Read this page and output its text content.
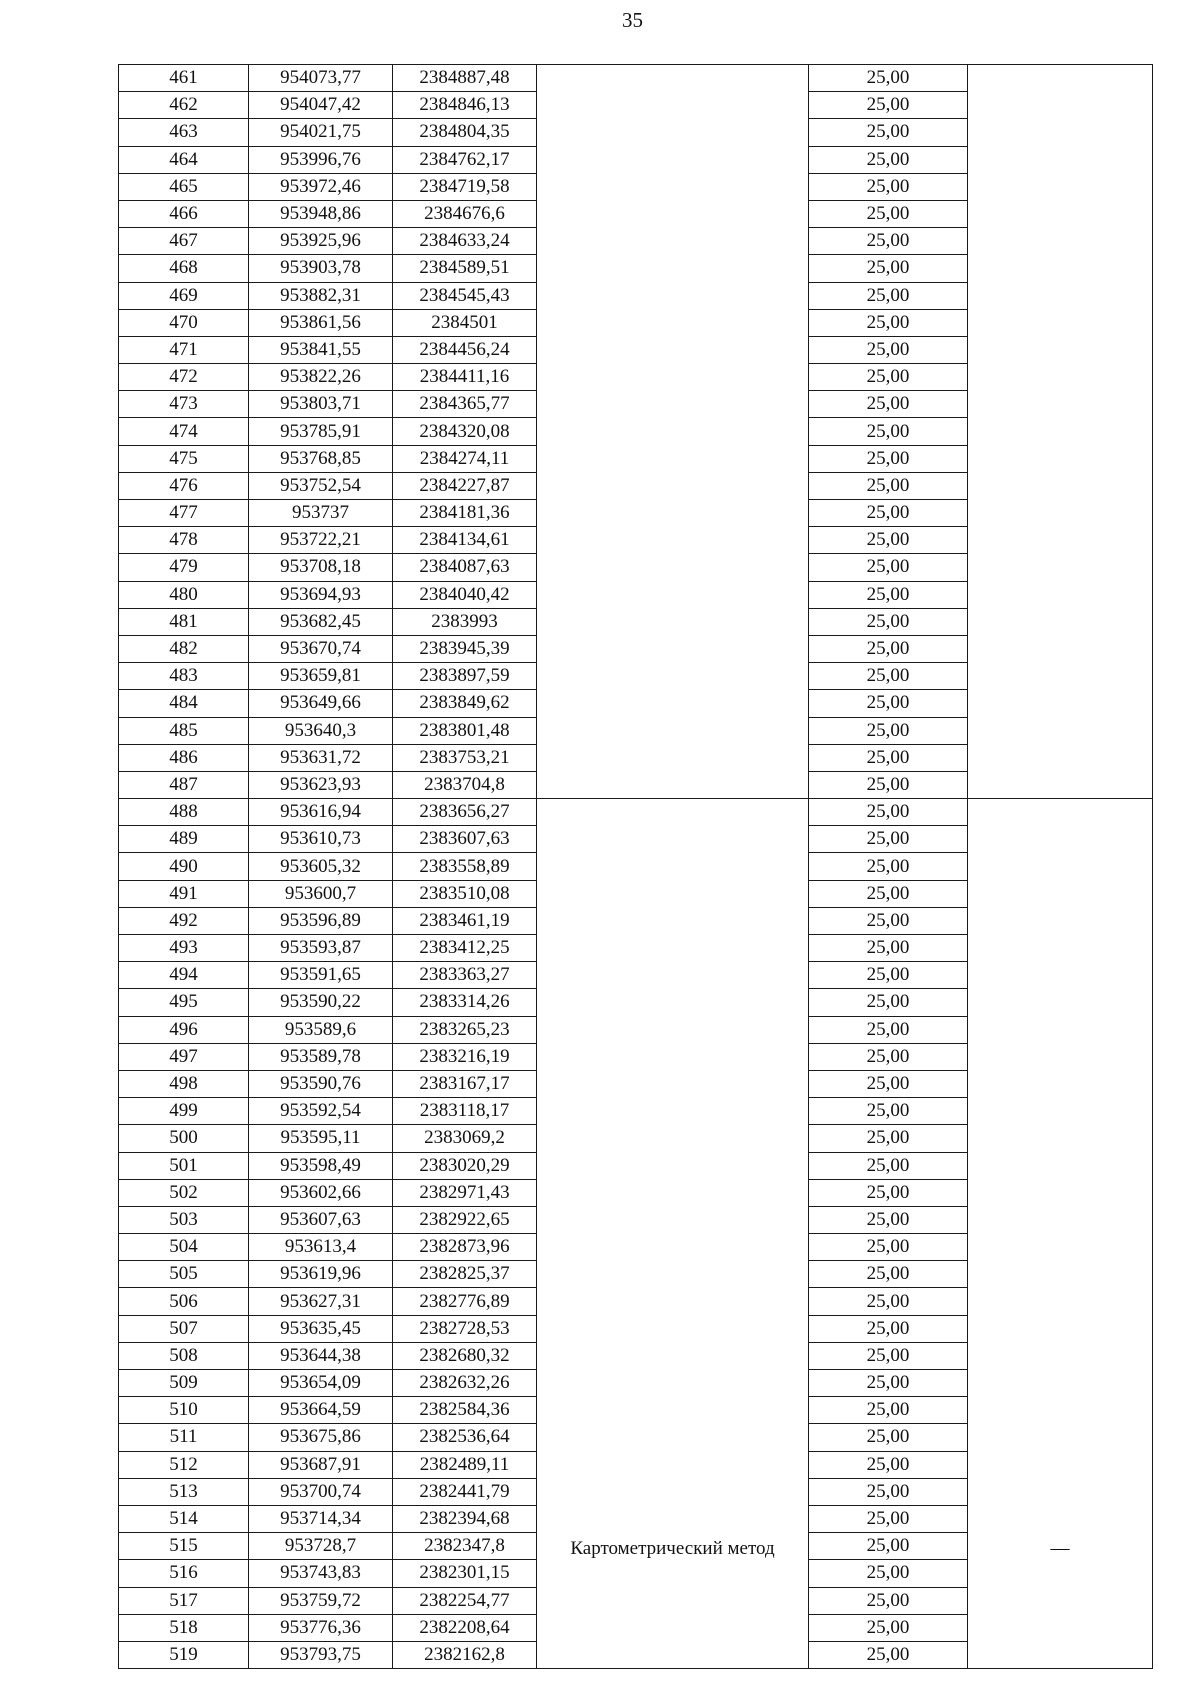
35
461	954073,77	2384887,48		25,00	

462	954047,42	2384846,13		25,00	
463	954021,75	2384804,35		25,00	
464	953996,76	2384762,17		25,00	
465	953972,46	2384719,58		25,00	
466	953948,86	2384676,6		25,00	
467	953925,96	2384633,24		25,00	
468	953903,78	2384589,51		25,00	
469	953882,31	2384545,43		25,00	
470	953861,56	2384501		25,00	
471	953841,55	2384456,24		25,00	
472	953822,26	2384411,16		25,00	
473	953803,71	2384365,77		25,00	
474	953785,91	2384320,08		25,00	
475	953768,85	2384274,11		25,00	
476	953752,54	2384227,87		25,00	
477	953737	2384181,36		25,00	
478	953722,21	2384134,61		25,00	
479	953708,18	2384087,63		25,00	
480	953694,93	2384040,42		25,00	
481	953682,45	2383993		25,00	
482	953670,74	2383945,39		25,00	
483	953659,81	2383897,59		25,00	
484	953649,66	2383849,62		25,00	
485	953640,3	2383801,48		25,00	
486	953631,72	2383753,21		25,00	
487	953623,93	2383704,8		25,00	
488	953616,94	2383656,27	Картометрический метод	25,00	—

489	953610,73	2383607,63		25,00	
490	953605,32	2383558,89		25,00	
491	953600,7	2383510,08		25,00	
492	953596,89	2383461,19		25,00	
493	953593,87	2383412,25		25,00	
494	953591,65	2383363,27		25,00	
495	953590,22	2383314,26		25,00	
496	953589,6	2383265,23		25,00	
497	953589,78	2383216,19		25,00	
498	953590,76	2383167,17		25,00	
499	953592,54	2383118,17		25,00	
500	953595,11	2383069,2		25,00	
501	953598,49	2383020,29		25,00	
502	953602,66	2382971,43		25,00	
503	953607,63	2382922,65		25,00	
504	953613,4	2382873,96		25,00	
505	953619,96	2382825,37		25,00	
506	953627,31	2382776,89		25,00	
507	953635,45	2382728,53		25,00	
508	953644,38	2382680,32		25,00	
509	953654,09	2382632,26		25,00	
510	953664,59	2382584,36		25,00	
511	953675,86	2382536,64		25,00	
512	953687,91	2382489,11		25,00	
513	953700,74	2382441,79		25,00	
514	953714,34	2382394,68		25,00	
515	953728,7	2382347,8		25,00	
516	953743,83	2382301,15		25,00	
517	953759,72	2382254,77		25,00	
518	953776,36	2382208,64		25,00	
519	953793,75	2382162,8		25,00	
